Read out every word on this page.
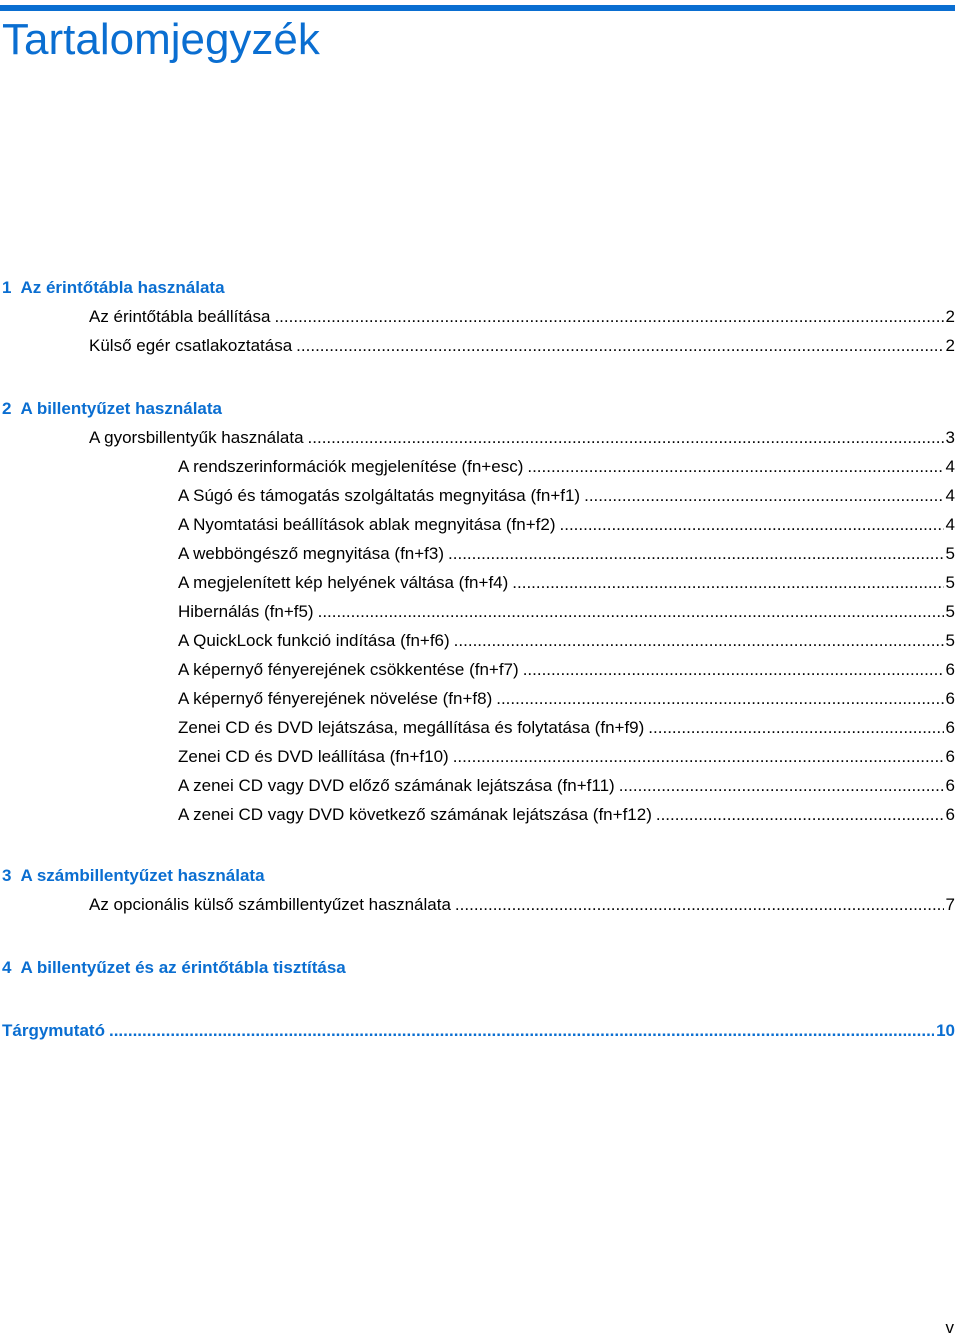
Tartalomjegyzék
1 Az érintőtábla használata
Az érintőtábla beállítása .....	2
Külső egér csatlakoztatása .....	2
2 A billentyűzet használata
A gyorsbillentyűk használata .....	3
A rendszerinformációk megjelenítése (fn+esc) .....	4
A Súgó és támogatás szolgáltatás megnyitása (fn+f1) .....	4
A Nyomtatási beállítások ablak megnyitása (fn+f2) .....	4
A webböngésző megnyitása (fn+f3) .....	5
A megjelenített kép helyének váltása (fn+f4) .....	5
Hibernálás (fn+f5) .....	5
A QuickLock funkció indítása (fn+f6) .....	5
A képernyő fényerejének csökkentése (fn+f7) .....	6
A képernyő fényerejének növelése (fn+f8) .....	6
Zenei CD és DVD lejátszása, megállítása és folytatása (fn+f9) .....	6
Zenei CD és DVD leállítása (fn+f10) .....	6
A zenei CD vagy DVD előző számának lejátszása (fn+f11) .....	6
A zenei CD vagy DVD következő számának lejátszása (fn+f12) .....	6
3 A számbillentyűzet használata
Az opcionális külső számbillentyűzet használata .....	7
4 A billentyűzet és az érintőtábla tisztítása
Tárgymutató .....	10
v
